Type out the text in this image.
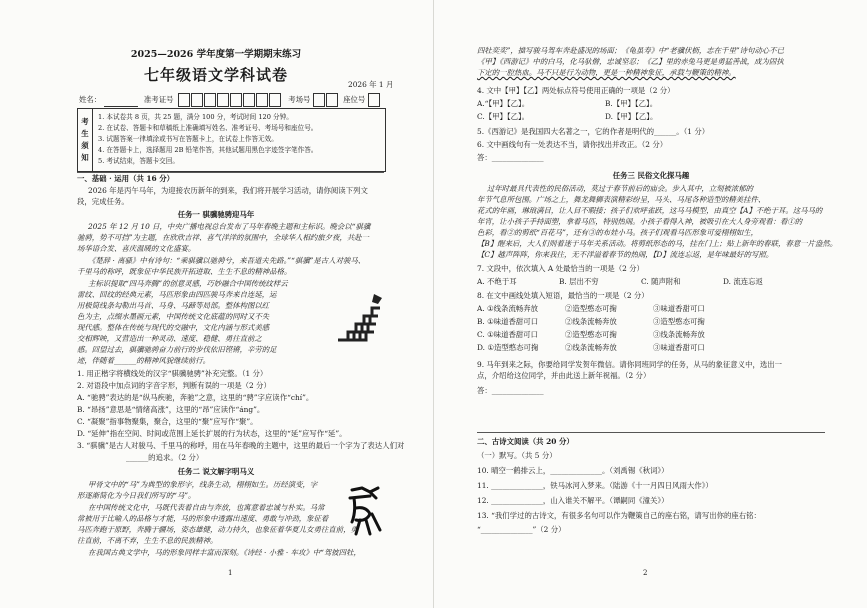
2025—2026 学年度第一学期期末练习
七年级语文学科试卷
2026 年 1 月
姓名：	准考证号	考场号	座位号
考
生
须
知
1. 本试卷共 8 页，共 25 题，满分 100 分，考试时间 120 分钟。
2. 在试卷、答题卡和草稿纸上准确填写姓名、准考证号、考场号和座位号。
3. 试题答案一律填涂或书写在答题卡上，在试卷上作答无效。
4. 在答题卡上，选择题用 2B 铅笔作答，其他试题用黑色字迹签字笔作答。
5. 考试结束，答题卡交回。
一、基础 · 运用（共 16 分）
2026 年是丙午马年，为迎接农历新年的到来，我们将开展学习活动，请你阅读下列文
段，完成任务。
任务一 骐骥驰骋迎马年
2025 年 12 月 10 日，中央广播电视总台发布了马年春晚主题和主标识。晚会以“骐骥
驰骋，势不可挡”为主题，在欣欣吉祥、喜气洋洋的氛围中，全球华人相约旅夕夜，共赴一
场华语合发、喜庆温暖的文化盛宴。
《楚辞 · 离骚》中有诗句：“乘骐骥以驰骋兮，来吾道夫先路。”“骐骥”是古人对骏马、
千里马的称呼，既象征中华民族开拓进取、生生不息的精神品格。
主标识提取“四马奔腾”的创意灵感，巧妙融合中国传统纹样云
雷纹、回纹的经典元素，马匹形象由四匹骏马奔来自连延，运
用极简线条勾勒出马首、马身、马蹄等局部。整体构图以红
色为主，点缀水墨画元素，中国传统文化底蕴的同时又不失
现代感。整体在传统与现代的交融中，文化内涵与形式美感
交相辉映，又营造出一种灵动、速度、稳健、勇往直前之
感。回望过去，骐骥驰骋奋力前行的步伐依旧铿锵，辛劳的足
迹，伴随着______的精神风貌继续前行。
1. 用正楷字将横线处的汉字“骐骥驰骋”补充完整。（1 分）
2. 对语段中加点词的字音字形，判断有误的一项是（2 分）
A. “驰骋”表达的是“纵马疾驰，奔驰”之意，这里的“骋”字应读作“chí”。
B. “昂扬”意思是“情绪高涨”，这里的“昂”应读作“áng”。
C. “凝聚”指事物聚集，聚合，这里的“聚”应写作“聚”。
D. “延伸”指在空间、时间或范围上延长扩展的行为状态，这里的“延”应写作“延”。
3. “骐骥”是古人对骏马、千里马的称呼，用在马年春晚的主题中，这里的最后一个字为了表达人们对
______的追求。（2 分）
任务二 说文解字明马义
甲骨文中的“马”为典型的象形字，线条生动，栩栩如生。历经演变，字
形逐渐简化为今日我们所写的“马”。
在中国传统文化中，马既代表着自由与奔放，也寓意着忠诚与朴实。马常
常被用于比喻人的品格与才能，马的形象中透露出速度、勇敢与冲劲，象征着
马匹奔跑于原野，奔腾于疆场，姿态雄健，动力持久，也象征着华夏儿女勇往直前，勇
往直前，不离不弃，生生不息的民族精神。
在我国古典文学中，马的形象同样丰富而深刻。《诗经 · 小雅 · 车攻》中“驾彼四牡，
1
四牡奕奕”，描写骏马驾车奔赴盛况的场面；《龟虽寿》中“老骥伏枥，志在千里”诗句动心不已
《甲】《西游记》中的白马，化马驮僧，忠诚坚忍；《乙】里的赤兔马更是勇猛善战，成为固执
下定的一腔热血。马不只是行为动物，更是一种精神象征，承载与鞭策的精神。
4. 文中【甲】【乙】两处标点符号使用正确的一项是（2 分）
A.“【甲】【乙】。	B.【甲】【乙】。
C.【甲】【乙】。	D.【甲】【乙】。
5.《西游记》是我国四大名著之一，它的作者是明代的______。（1 分）
6. 文中画线句有一处表达不当，请你找出并改正。（2 分）
答：______________
任务三 民俗文化探马趣
过年时最具代表性的民俗活动，莫过于春节前后的庙会。步入其中，立刻被浓郁的
年节气息所包围。广场之上，舞龙舞狮表演精彩纷呈，马头、马尾各种造型的精美挂件、
花式的年画，琳琅满目，让人目不暇接；孩子们欢呼雀跃，这马马模型，由真空【A】不绝于耳。这马马的
年宵，让小孩子手持面塑，拿着马匹，特别热闹。小孩子看得入神，被吸引在大人身旁观看：看①的
色彩，看②的剪纸“百花马”，还有③的布娃小马。孩子们观看马匹形象可爱栩栩如生，
【B】醒来后，大人们则着迷于马年关系活动。将剪纸形态的马，挂在门上；贴上新年的春联，春意一片盎然。
【C】越声阵阵，你来我往，无不洋溢着春节的热闹，【D】流连忘返，是年味最好的写照。
7. 文段中，依次填入 A 处最恰当的一项是（2 分）
A. 不绝于耳	B. 层出不穷	C. 随声附和	D. 流连忘返
8. 在文中画线处填入短语，最恰当的一项是（2 分）
A. ①线条流畅奔放	②造型憨态可掬	③味道香甜可口
B. ①味道香甜可口	②线条流畅奔放	③造型憨态可掬
C. ①味道香甜可口	②造型憨态可掬	③线条流畅奔放
D. ①造型憨态可掬	②线条流畅奔放	③味道香甜可口
9. 马年到来之际，你要给同学发贺年微信。请你同班同学的任务，从马的象征意义中，选出一
点，介绍给这位同学，并由此送上新年祝福。（2 分）
答：______________
二、古诗文阅读（共 20 分）
（一）默写。（共 5 分）
10. 晴空一鹤排云上，______________。（刘禹锡《秋词》）
11. ______________，铁马冰河入梦来。（陆游《十一月四日风雨大作》）
12. ______________，山入谁关不解平。（谭嗣同《潼关》）
13. “我们学过的古诗文，有很多名句可以作为鞭策自己的座右铭，请写出你的座右铭：
“______________”（2 分）
2
